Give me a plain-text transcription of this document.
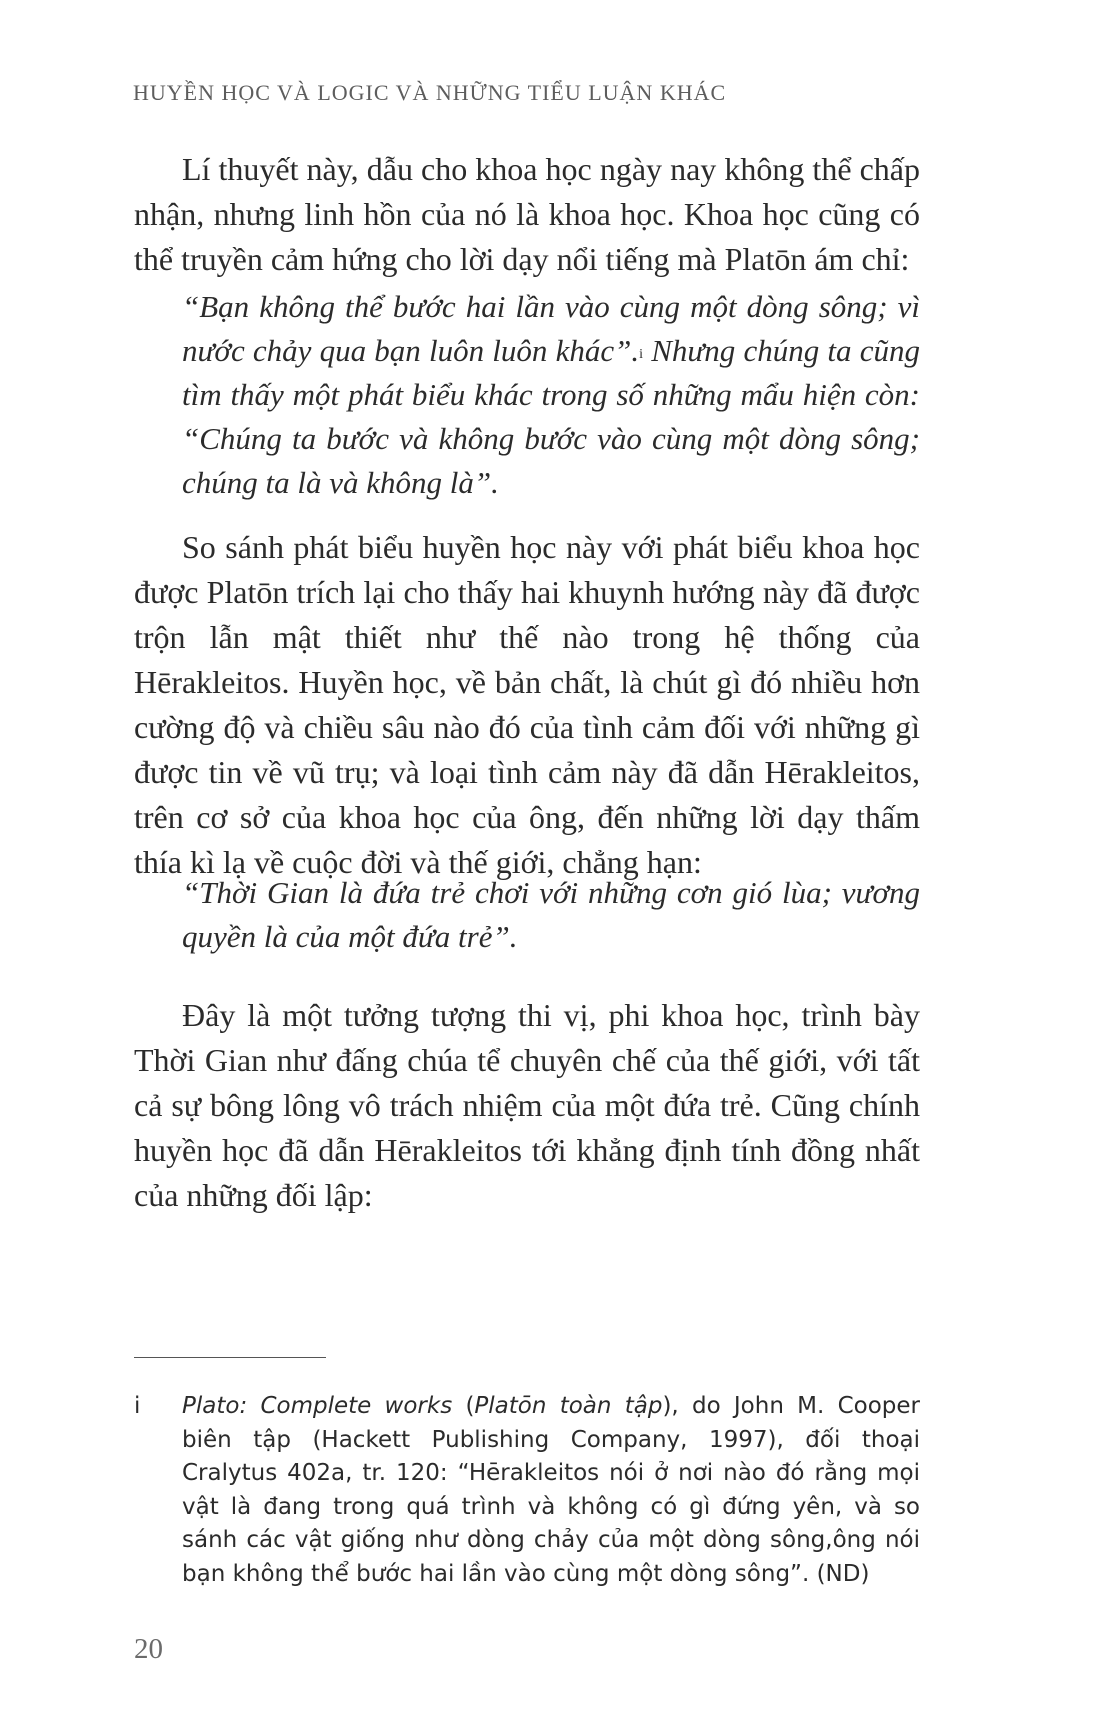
HUYỀN HỌC VÀ LOGIC VÀ NHỮNG TIỂU LUẬN KHÁC

Lí thuyết này, dẫu cho khoa học ngày nay không thể chấp nhận, nhưng linh hồn của nó là khoa học. Khoa học cũng có thể truyền cảm hứng cho lời dạy nổi tiếng mà Platōn ám chỉ:

“Bạn không thể bước hai lần vào cùng một dòng sông; vì nước chảy qua bạn luôn luôn khác”.$^i$ Nhưng chúng ta cũng tìm thấy một phát biểu khác trong số những mẩu hiện còn: “Chúng ta bước và không bước vào cùng một dòng sông; chúng ta là và không là”.

So sánh phát biểu huyền học này với phát biểu khoa học được Platōn trích lại cho thấy hai khuynh hướng này đã được trộn lẫn mật thiết như thế nào trong hệ thống của Hērakleitos. Huyền học, về bản chất, là chút gì đó nhiều hơn cường độ và chiều sâu nào đó của tình cảm đối với những gì được tin về vũ trụ; và loại tình cảm này đã dẫn Hērakleitos, trên cơ sở của khoa học của ông, đến những lời dạy thấm thía kì lạ về cuộc đời và thế giới, chẳng hạn:

“Thời Gian là đứa trẻ chơi với những cơn gió lùa; vương quyền là của một đứa trẻ”.

Đây là một tưởng tượng thi vị, phi khoa học, trình bày Thời Gian như đấng chúa tể chuyên chế của thế giới, với tất cả sự bông lông vô trách nhiệm của một đứa trẻ. Cũng chính huyền học đã dẫn Hērakleitos tới khẳng định tính đồng nhất của những đối lập:

i	Plato: Complete works (Platōn toàn tập), do John M. Cooper biên tập (Hackett Publishing Company, 1997), đối thoại Cralytus 402a, tr. 120: “Hērakleitos nói ở nơi nào đó rằng mọi vật là đang trong quá trình và không có gì đứng yên, và so sánh các vật giống như dòng chảy của một dòng sông,ông nói bạn không thể bước hai lần vào cùng một dòng sông”. (ND)
20
